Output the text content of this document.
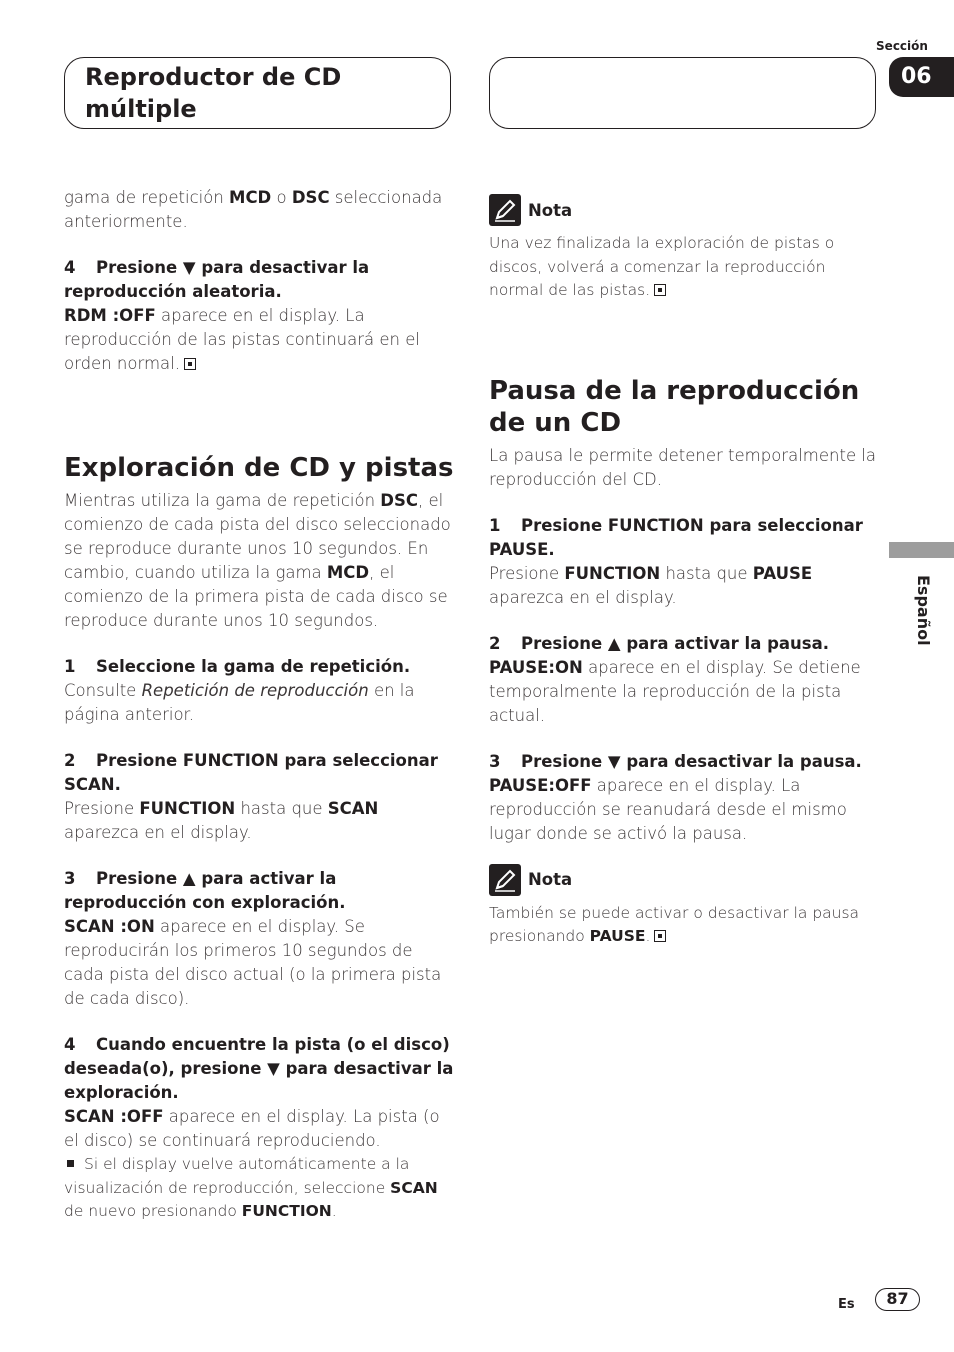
Reproductor de CD
múltiple
Sección
06

Español

gama de repetición MCD o DSC seleccionada anteriormente.

4 Presione ▼ para desactivar la reproducción aleatoria.

RDM :OFF aparece en el display. La reproducción de las pistas continuará en el orden normal.

Exploración de CD y pistas

Mientras utiliza la gama de repetición DSC, el comienzo de cada pista del disco seleccionado se reproduce durante unos 10 segundos. En cambio, cuando utiliza la gama MCD, el comienzo de la primera pista de cada disco se reproduce durante unos 10 segundos.

1 Seleccione la gama de repetición.

Consulte Repetición de reproducción en la página anterior.

2 Presione FUNCTION para seleccionar SCAN.

Presione FUNCTION hasta que SCAN aparezca en el display.

3 Presione ▲ para activar la reproducción con exploración.

SCAN :ON aparece en el display. Se reproducirán los primeros 10 segundos de cada pista del disco actual (o la primera pista de cada disco).

4 Cuando encuentre la pista (o el disco) deseada(o), presione ▼ para desactivar la exploración.

SCAN :OFF aparece en el display. La pista (o el disco) se continuará reproduciendo.

Si el display vuelve automáticamente a la visualización de reproducción, seleccione SCAN de nuevo presionando FUNCTION.

Nota

Una vez finalizada la exploración de pistas o discos, volverá a comenzar la reproducción normal de las pistas.

Pausa de la reproducción de un CD

La pausa le permite detener temporalmente la reproducción del CD.

1 Presione FUNCTION para seleccionar PAUSE.

Presione FUNCTION hasta que PAUSE aparezca en el display.

2 Presione ▲ para activar la pausa.

PAUSE:ON aparece en el display. Se detiene temporalmente la reproducción de la pista actual.

3 Presione ▼ para desactivar la pausa.

PAUSE:OFF aparece en el display. La reproducción se reanudará desde el mismo lugar donde se activó la pausa.

Nota

También se puede activar o desactivar la pausa presionando PAUSE.

Es	87
